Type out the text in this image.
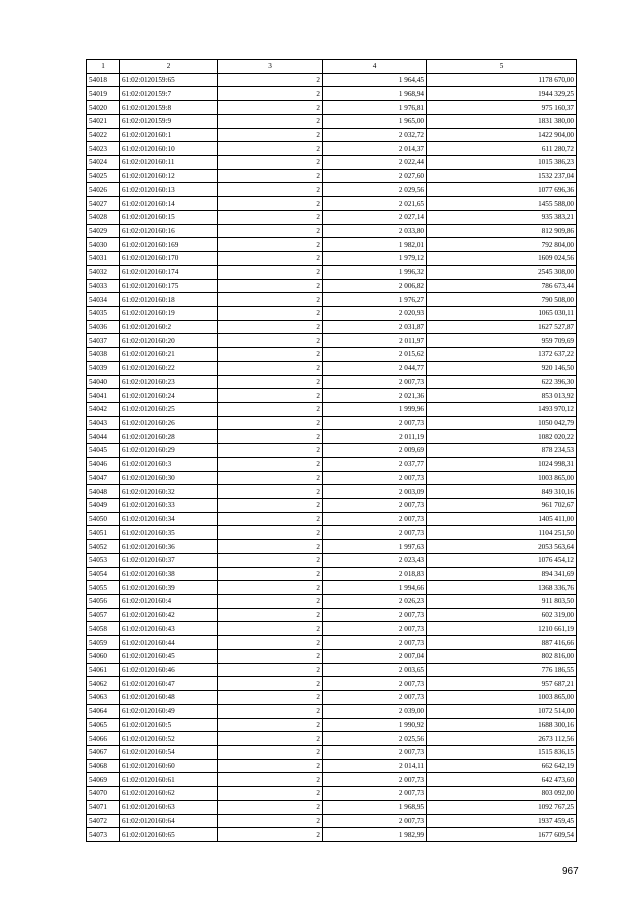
1	2	3	4	5
54018	61:02:0120159:65	2	1 964,45	1178 670,00
54019	61:02:0120159:7	2	1 968,94	1944 329,25
54020	61:02:0120159:8	2	1 976,81	975 160,37
54021	61:02:0120159:9	2	1 965,00	1831 380,00
54022	61:02:0120160:1	2	2 032,72	1422 904,00
54023	61:02:0120160:10	2	2 014,37	611 280,72
54024	61:02:0120160:11	2	2 022,44	1015 386,23
54025	61:02:0120160:12	2	2 027,60	1532 237,04
54026	61:02:0120160:13	2	2 029,56	1077 696,36
54027	61:02:0120160:14	2	2 021,65	1455 588,00
54028	61:02:0120160:15	2	2 027,14	935 383,21
54029	61:02:0120160:16	2	2 033,80	812 909,86
54030	61:02:0120160:169	2	1 982,01	792 804,00
54031	61:02:0120160:170	2	1 979,12	1609 024,56
54032	61:02:0120160:174	2	1 996,32	2545 308,00
54033	61:02:0120160:175	2	2 006,82	786 673,44
54034	61:02:0120160:18	2	1 976,27	790 508,00
54035	61:02:0120160:19	2	2 020,93	1065 030,11
54036	61:02:0120160:2	2	2 031,87	1627 527,87
54037	61:02:0120160:20	2	2 011,97	959 709,69
54038	61:02:0120160:21	2	2 015,62	1372 637,22
54039	61:02:0120160:22	2	2 044,77	920 146,50
54040	61:02:0120160:23	2	2 007,73	622 396,30
54041	61:02:0120160:24	2	2 021,36	853 013,92
54042	61:02:0120160:25	2	1 999,96	1493 970,12
54043	61:02:0120160:26	2	2 007,73	1050 042,79
54044	61:02:0120160:28	2	2 011,19	1082 020,22
54045	61:02:0120160:29	2	2 009,69	878 234,53
54046	61:02:0120160:3	2	2 037,77	1024 998,31
54047	61:02:0120160:30	2	2 007,73	1003 865,00
54048	61:02:0120160:32	2	2 003,09	849 310,16
54049	61:02:0120160:33	2	2 007,73	961 702,67
54050	61:02:0120160:34	2	2 007,73	1405 411,00
54051	61:02:0120160:35	2	2 007,73	1104 251,50
54052	61:02:0120160:36	2	1 997,63	2053 563,64
54053	61:02:0120160:37	2	2 023,43	1076 454,12
54054	61:02:0120160:38	2	2 018,83	894 341,69
54055	61:02:0120160:39	2	1 994,66	1368 336,76
54056	61:02:0120160:4	2	2 026,23	911 803,50
54057	61:02:0120160:42	2	2 007,73	602 319,00
54058	61:02:0120160:43	2	2 007,73	1210 661,19
54059	61:02:0120160:44	2	2 007,73	887 416,66
54060	61:02:0120160:45	2	2 007,04	802 816,00
54061	61:02:0120160:46	2	2 003,65	776 186,55
54062	61:02:0120160:47	2	2 007,73	957 687,21
54063	61:02:0120160:48	2	2 007,73	1003 865,00
54064	61:02:0120160:49	2	2 039,00	1072 514,00
54065	61:02:0120160:5	2	1 990,92	1688 300,16
54066	61:02:0120160:52	2	2 025,56	2673 112,56
54067	61:02:0120160:54	2	2 007,73	1515 836,15
54068	61:02:0120160:60	2	2 014,11	662 642,19
54069	61:02:0120160:61	2	2 007,73	642 473,60
54070	61:02:0120160:62	2	2 007,73	803 092,00
54071	61:02:0120160:63	2	1 968,95	1092 767,25
54072	61:02:0120160:64	2	2 007,73	1937 459,45
54073	61:02:0120160:65	2	1 982,99	1677 609,54
967
